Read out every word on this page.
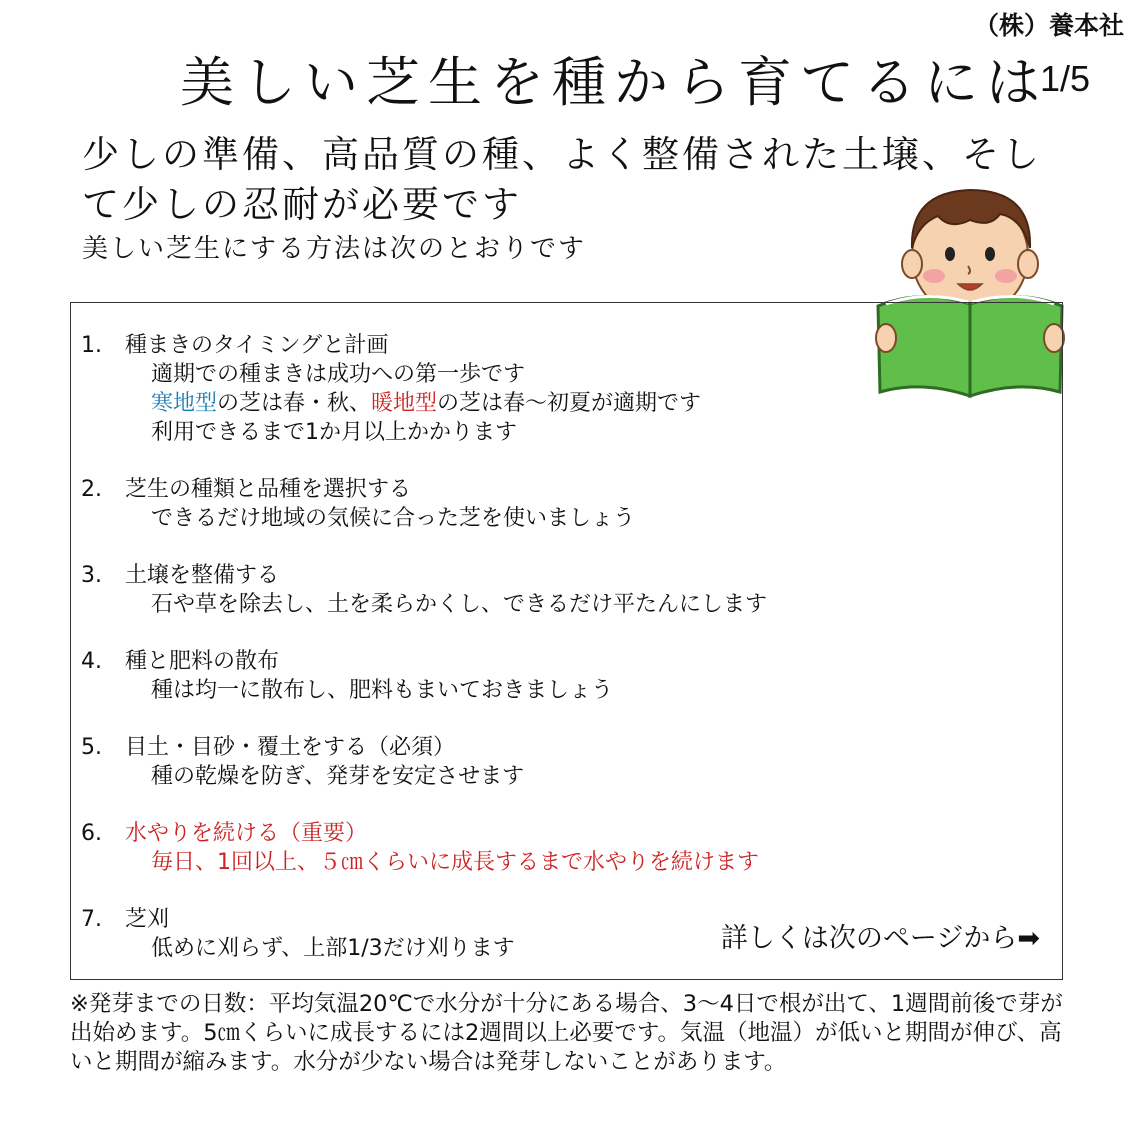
（株）養本社
美しい芝生を種から育てるには
1/5
少しの準備、高品質の種、よく整備された土壌、そして少しの忍耐が必要です
美しい芝生にする方法は次のとおりです
1. 種まきのタイミングと計画
適期での種まきは成功への第一歩です
寒地型の芝は春・秋、暖地型の芝は春～初夏が適期です
利用できるまで1か月以上かかります
2. 芝生の種類と品種を選択する
できるだけ地域の気候に合った芝を使いましょう
3. 土壌を整備する
石や草を除去し、土を柔らかくし、できるだけ平たんにします
4. 種と肥料の散布
種は均一に散布し、肥料もまいておきましょう
5. 目土・目砂・覆土をする（必須）
種の乾燥を防ぎ、発芽を安定させます
6. 水やりを続ける（重要）
毎日、1回以上、５㎝くらいに成長するまで水やりを続けます
7. 芝刈
低めに刈らず、上部1/3だけ刈ります	詳しくは次のページから➡
※発芽までの日数：平均気温20℃で水分が十分にある場合、3～4日で根が出て、1週間前後で芽が出始めます。5㎝くらいに成長するには2週間以上必要です。気温（地温）が低いと期間が伸び、高いと期間が縮みます。水分が少ない場合は発芽しないことがあります。
